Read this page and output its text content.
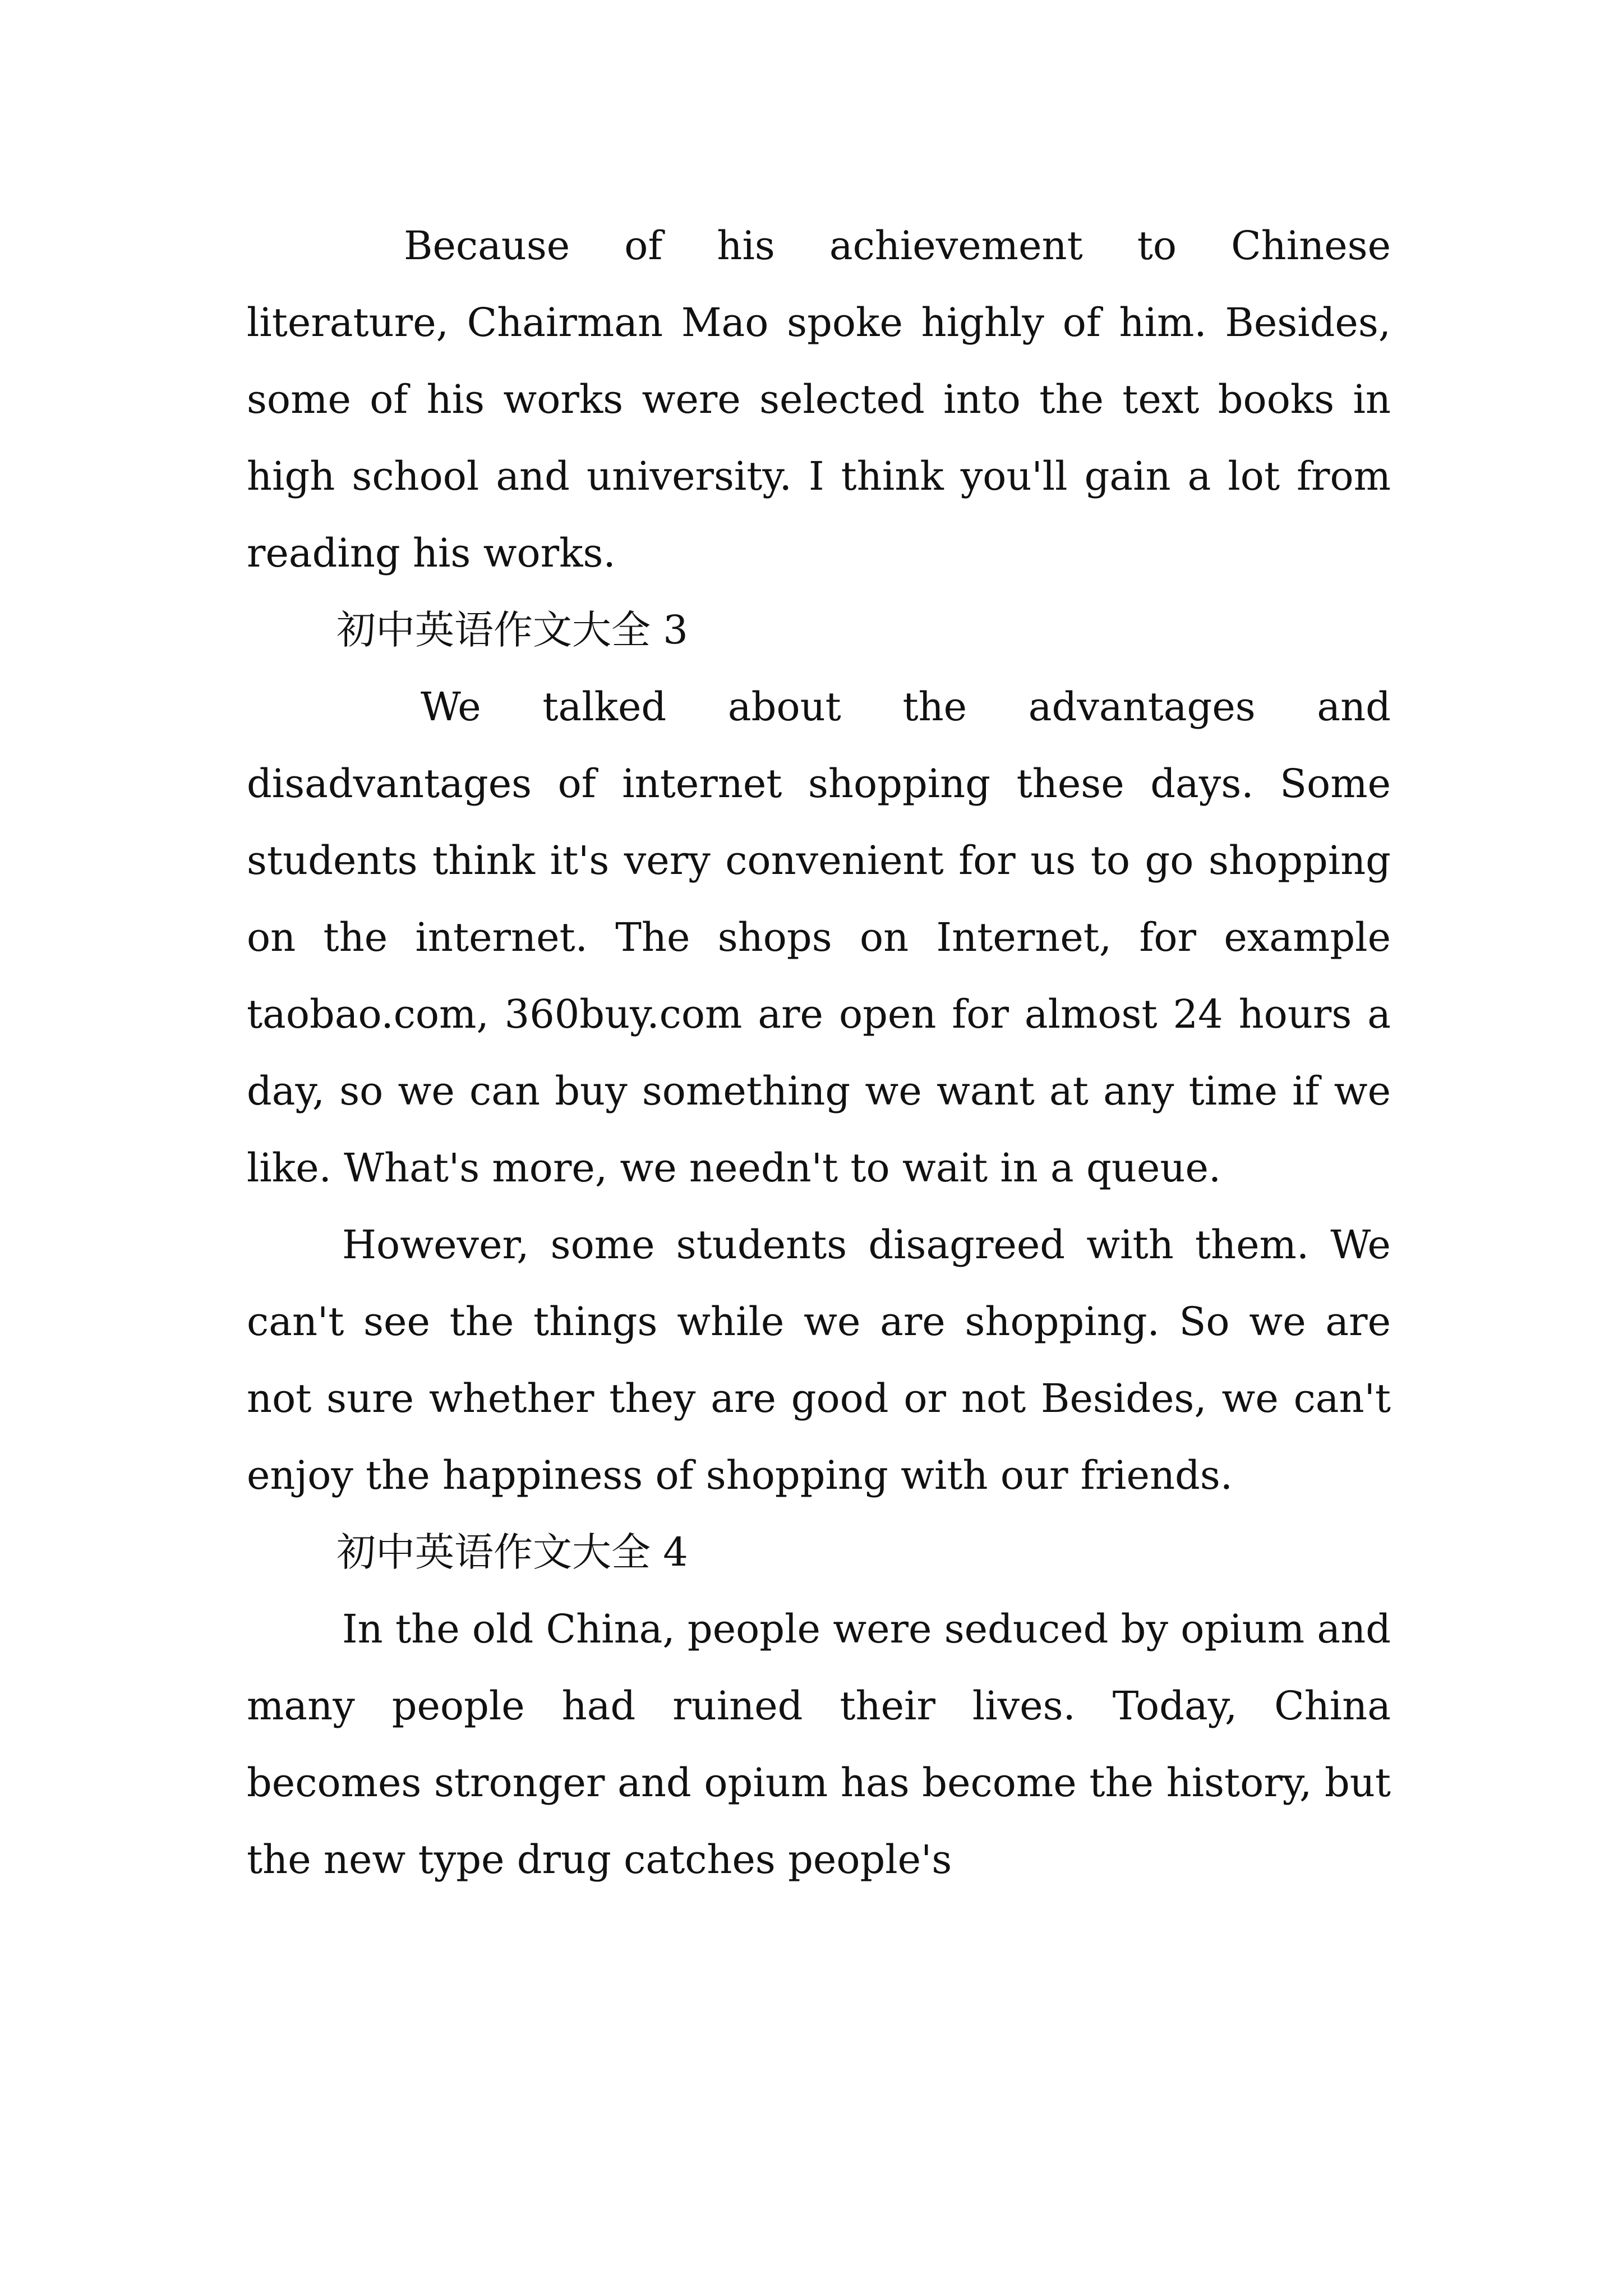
Because of his achievement to Chinese literature, Chairman Mao spoke highly of him. Besides, some of his works were selected into the text books in high school and university. I think you'll gain a lot from reading his works.

初中英语作文大全 3

We talked about the advantages and disadvantages of internet shopping these days. Some students think it's very convenient for us to go shopping on the internet. The shops on Internet, for example taobao.com, 360buy.com are open for almost 24 hours a day, so we can buy something we want at any time if we like. What's more, we needn't to wait in a queue.

However, some students disagreed with them. We can't see the things while we are shopping. So we are not sure whether they are good or not Besides, we can't enjoy the happiness of shopping with our friends.

初中英语作文大全 4

In the old China, people were seduced by opium and many people had ruined their lives. Today, China becomes stronger and opium has become the history, but the new type drug catches people's
